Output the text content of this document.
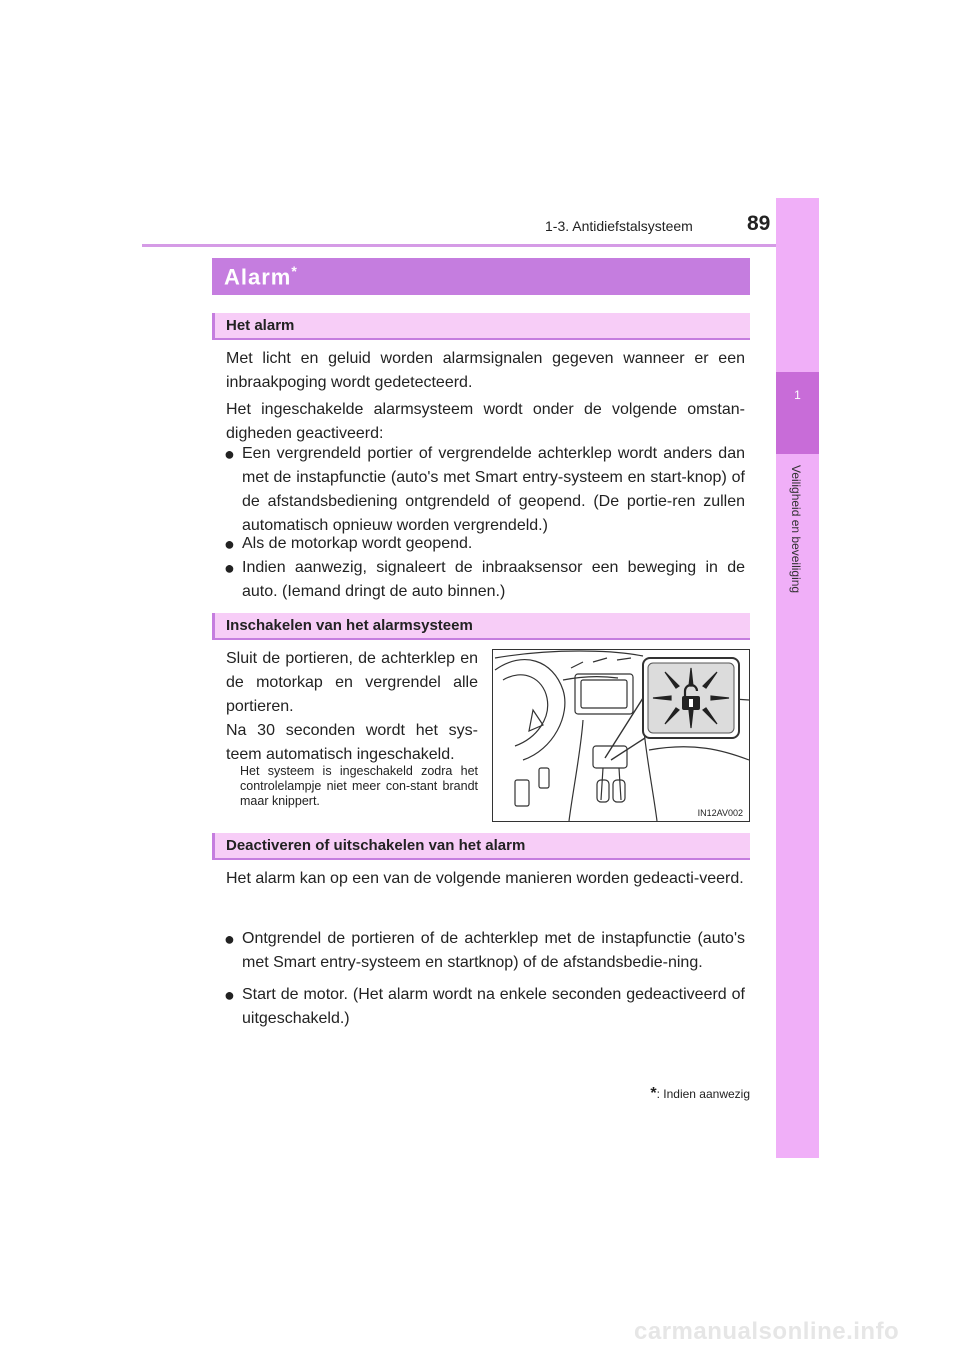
1-3. Antidiefstalsysteem	89
1
Veiligheid en beveiliging
Alarm*
Het alarm
Met licht en geluid worden alarmsignalen gegeven wanneer er een inbraakpoging wordt gedetecteerd.
Het ingeschakelde alarmsysteem wordt onder de volgende omstan-digheden geactiveerd:
● Een vergrendeld portier of vergrendelde achterklep wordt anders dan met de instapfunctie (auto's met Smart entry-systeem en start-knop) of de afstandsbediening ontgrendeld of geopend. (De portie-ren zullen automatisch opnieuw worden vergrendeld.)
● Als de motorkap wordt geopend.
● Indien aanwezig, signaleert de inbraaksensor een beweging in de auto. (Iemand dringt de auto binnen.)
Inschakelen van het alarmsysteem
Sluit de portieren, de achterklep en de motorkap en vergrendel alle portieren.
Na 30 seconden wordt het sys-teem automatisch ingeschakeld.
Het systeem is ingeschakeld zodra het controlelampje niet meer con-stant brandt maar knippert.
IN12AV002
Deactiveren of uitschakelen van het alarm
Het alarm kan op een van de volgende manieren worden gedeacti-veerd.
● Ontgrendel de portieren of de achterklep met de instapfunctie (auto's met Smart entry-systeem en startknop) of de afstandsbedie-ning.
● Start de motor. (Het alarm wordt na enkele seconden gedeactiveerd of uitgeschakeld.)
*: Indien aanwezig
carmanualsonline.info
